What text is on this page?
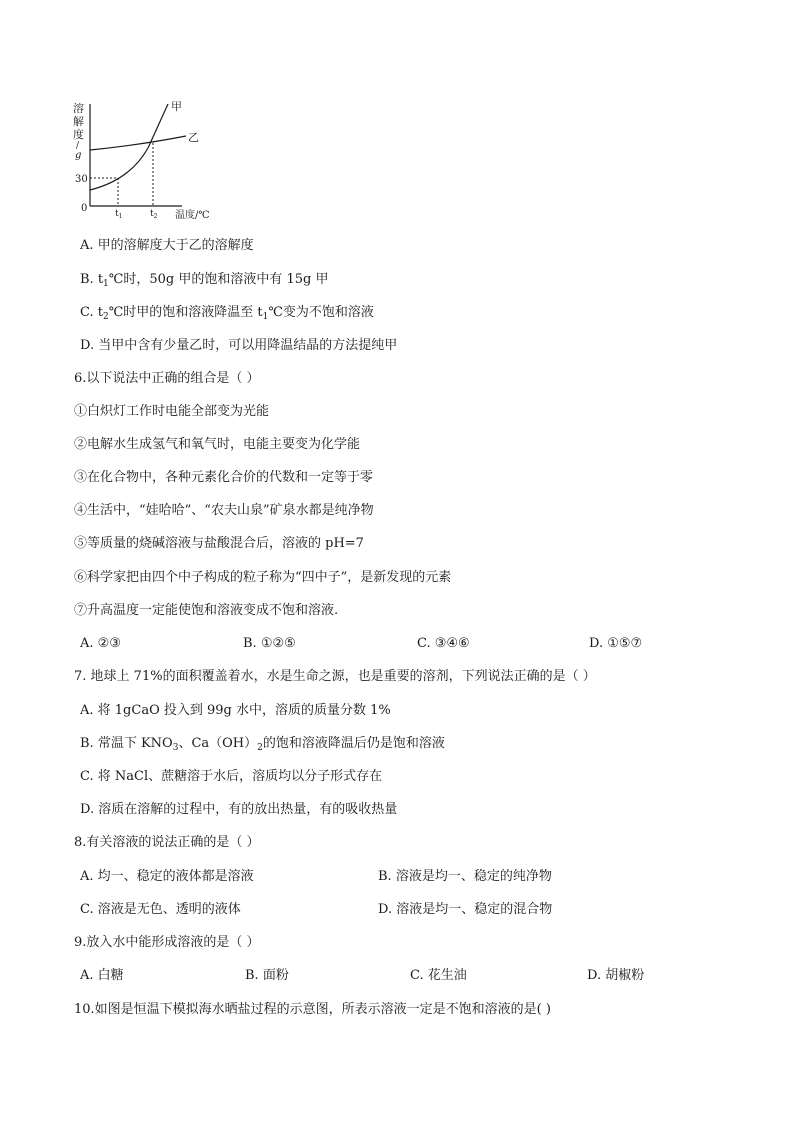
溶
解
度
/
g
甲
乙
30
0	$t_1$	$t_2$ 温度/℃
A. 甲的溶解度大于乙的溶解度
B. $t_1℃$时，50g 甲的饱和溶液中有 15g 甲
C. $t_2℃$时甲的饱和溶液降温至 $t_1℃$变为不饱和溶液
D. 当甲中含有少量乙时，可以用降温结晶的方法提纯甲
6.以下说法中正确的组合是（ ）
①白炽灯工作时电能全部变为光能
②电解水生成氢气和氧气时，电能主要变为化学能
③在化合物中，各种元素化合价的代数和一定等于零
④生活中，“娃哈哈”、“农夫山泉”矿泉水都是纯净物
⑤等质量的烧碱溶液与盐酸混合后，溶液的 pH=7
⑥科学家把由四个中子构成的粒子称为“四中子”，是新发现的元素
⑦升高温度一定能使饱和溶液变成不饱和溶液.
A. ②③	B. ①②⑤	C. ③④⑥	D. ①⑤⑦
7. 地球上 71%的面积覆盖着水，水是生命之源，也是重要的溶剂，下列说法正确的是（ ）
A. 将 1gCaO 投入到 99g 水中，溶质的质量分数 1%
B. 常温下 $KNO_3$、$Ca(OH)_2$的饱和溶液降温后仍是饱和溶液
C. 将 NaCl、蔗糖溶于水后，溶质均以分子形式存在
D. 溶质在溶解的过程中，有的放出热量，有的吸收热量
8.有关溶液的说法正确的是（ ）
A. 均一、稳定的液体都是溶液	B. 溶液是均一、稳定的纯净物
C. 溶液是无色、透明的液体	D. 溶液是均一、稳定的混合物
9.放入水中能形成溶液的是（ ）
A. 白糖	B. 面粉	C. 花生油	D. 胡椒粉
10.如图是恒温下模拟海水晒盐过程的示意图，所表示溶液一定是不饱和溶液的是( )
